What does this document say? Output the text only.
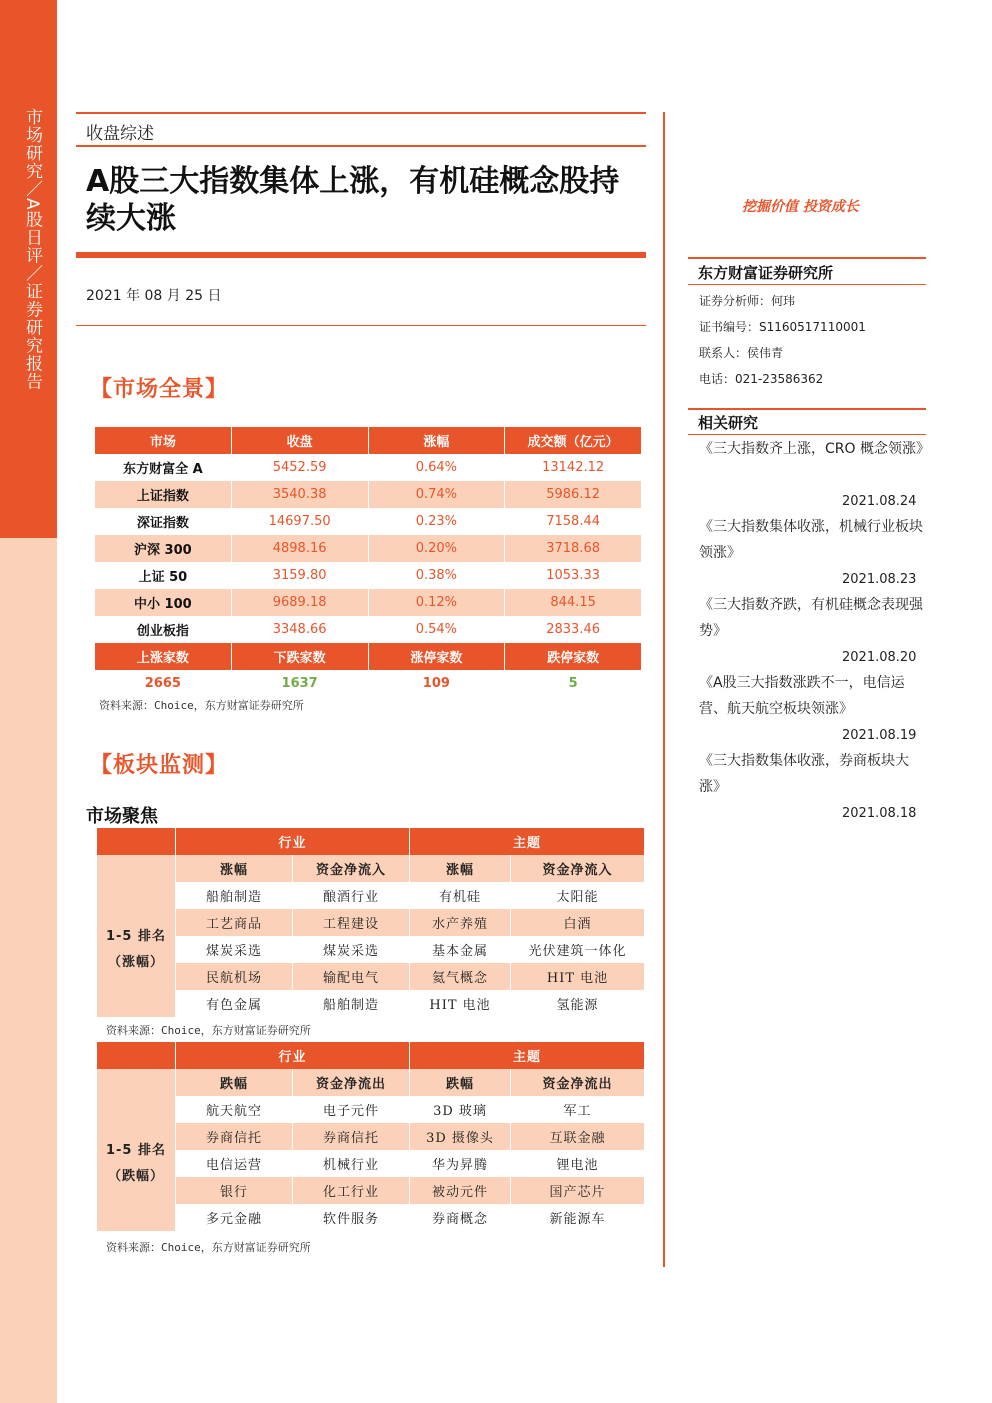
市场研究／A股日评／证券研究报告	收盘综述
A股三大指数集体上涨，有机硅概念股持续大涨
2021 年 08 月 25 日
【市场全景】
市场	收盘	涨幅	成交额（亿元）
东方财富全 A	5452.59	0.64%	13142.12
上证指数	3540.38	0.74%	5986.12
深证指数	14697.50	0.23%	7158.44
沪深 300	4898.16	0.20%	3718.68
上证 50	3159.80	0.38%	1053.33
中小 100	9689.18	0.12%	844.15
创业板指	3348.66	0.54%	2833.46
上涨家数	下跌家数	涨停家数	跌停家数
2665	1637	109	5
资料来源：Choice，东方财富证券研究所
【板块监测】
市场聚焦
	行业		主题	
	涨幅	资金净流入	涨幅	资金净流入

1-5 排名
（涨幅）	船舶制造	酿酒行业	有机硅	太阳能
	工艺商品	工程建设	水产养殖	白酒
	煤炭采选	煤炭采选	基本金属	光伏建筑一体化
	民航机场	输配电气	氦气概念	HIT 电池
	有色金属	船舶制造	HIT 电池	氢能源
资料来源：Choice，东方财富证券研究所
	行业		主题	
	跌幅	资金净流出	跌幅	资金净流出

1-5 排名
（跌幅）	航天航空	电子元件	3D 玻璃	军工
	券商信托	券商信托	3D 摄像头	互联金融
	电信运营	机械行业	华为昇腾	锂电池
	银行	化工行业	被动元件	国产芯片
	多元金融	软件服务	券商概念	新能源车
资料来源：Choice，东方财富证券研究所
挖掘价值 投资成长
东方财富证券研究所
证券分析师：何玮
证书编号：S1160517110001
联系人：侯伟青
电话：021-23586362
相关研究
《三大指数齐上涨，CRO 概念领涨》
2021.08.24
《三大指数集体收涨，机械行业板块领涨》
2021.08.23
《三大指数齐跌，有机硅概念表现强势》
2021.08.20
《A股三大指数涨跌不一，电信运营、航天航空板块领涨》
2021.08.19
《三大指数集体收涨，券商板块大涨》
2021.08.18
